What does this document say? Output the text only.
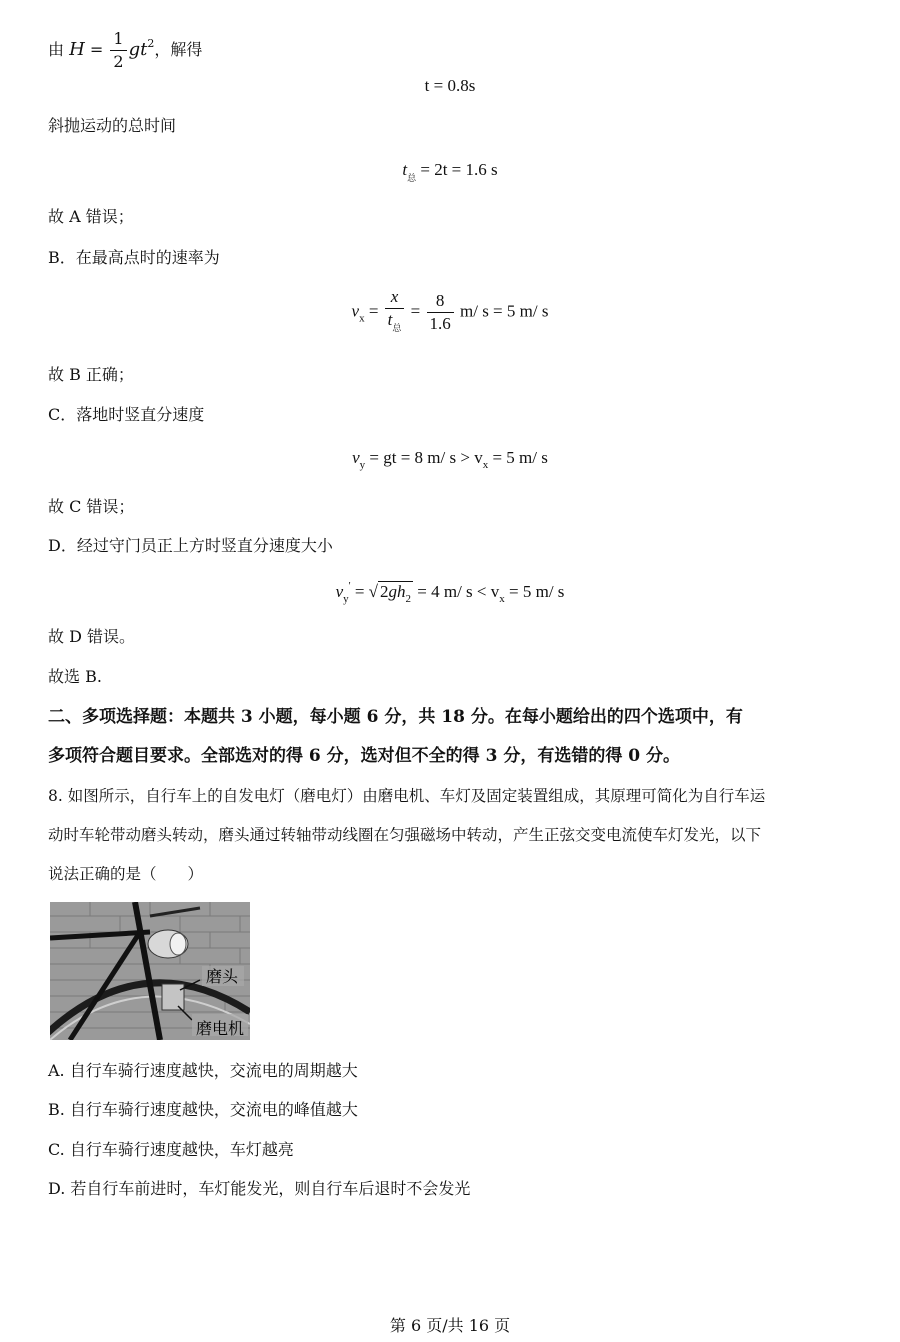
由 $H = \frac{1}{2} gt^2$，解得
t = 0.8s
斜抛运动的总时间
$t_总 = 2t = 1.6$ s
故 A 错误；
B．在最高点时的速率为
$v_x = \frac{x}{t_总} = \frac{8}{1.6} m/$ s = 5 m/ s
故 B 正确；
C．落地时竖直分速度
$v_y$ = gt = 8 m/ $s > v_x = 5$ m/ s
故 C 错误；
D．经过守门员正上方时竖直分速度大小
$v_y'$ = √ $2gh_2 = 4$ m/ $s < v_x = 5$ m/ s
故 D 错误。
故选 B.
二、多项选择题：本题共 3 小题，每小题 6 分，共 18 分。在每小题给出的四个选项中，有
多项符合题目要求。全部选对的得 6 分，选对但不全的得 3 分，有选错的得 0 分。
8. 如图所示，自行车上的自发电灯（磨电灯）由磨电机、车灯及固定装置组成，其原理可简化为自行车运
动时车轮带动磨头转动，磨头通过转轴带动线圈在匀强磁场中转动，产生正弦交变电流使车灯发光，以下
说法正确的是（　　）
磨头
磨电机
A. 自行车骑行速度越快，交流电的周期越大
B. 自行车骑行速度越快，交流电的峰值越大
C. 自行车骑行速度越快，车灯越亮
D. 若自行车前进时，车灯能发光，则自行车后退时不会发光
第 6 页/共 16 页
